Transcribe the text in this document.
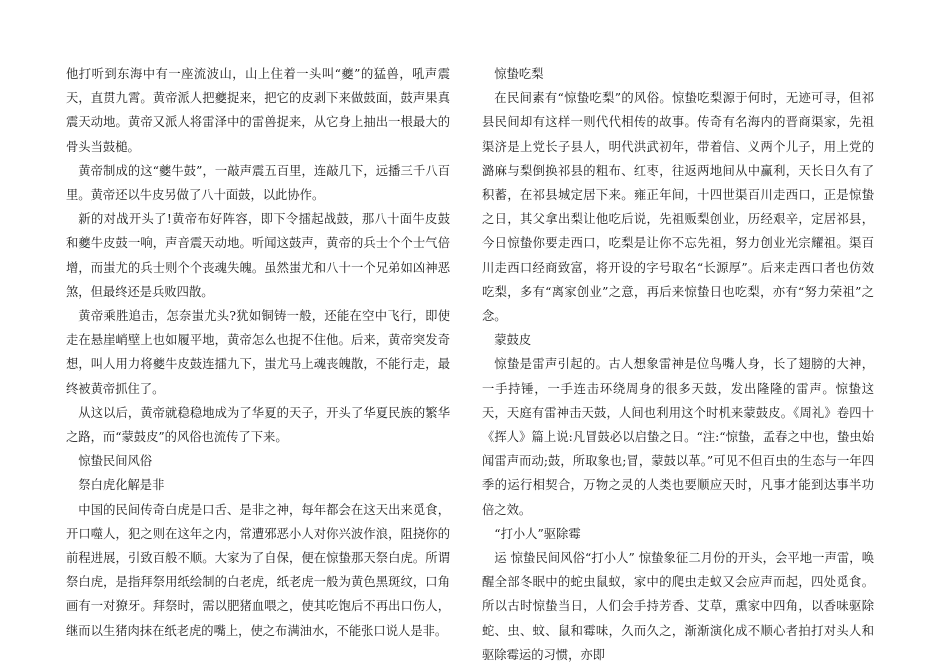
他打听到东海中有一座流波山，山上住着一头叫“夔”的猛兽，吼声震天，直贯九霄。黄帝派人把夔捉来，把它的皮剥下来做鼓面，鼓声果真震天动地。黄帝又派人将雷泽中的雷兽捉来，从它身上抽出一根最大的骨头当鼓槌。

黄帝制成的这“夔牛鼓”，一敲声震五百里，连敲几下，远播三千八百里。黄帝还以牛皮另做了八十面鼓，以此协作。

新的对战开头了!黄帝布好阵容，即下令擂起战鼓，那八十面牛皮鼓和夔牛皮鼓一响，声音震天动地。听闻这鼓声，黄帝的兵士个个士气倍增，而蚩尤的兵士则个个丧魂失魄。虽然蚩尤和八十一个兄弟如凶神恶煞，但最终还是兵败四散。

黄帝乘胜追击，怎奈蚩尤头?犹如铜铸一般，还能在空中飞行，即使走在悬崖峭壁上也如履平地，黄帝怎么也捉不住他。后来，黄帝突发奇想，叫人用力将夔牛皮鼓连擂九下，蚩尤马上魂丧魄散，不能行走，最终被黄帝抓住了。

从这以后，黄帝就稳稳地成为了华夏的天子，开头了华夏民族的繁华之路，而“蒙鼓皮”的风俗也流传了下来。

惊蛰民间风俗

祭白虎化解是非

中国的民间传奇白虎是口舌、是非之神，每年都会在这天出来觅食，开口噬人，犯之则在这年之内，常遭邪恶小人对你兴波作浪，阻挠你的前程进展，引致百般不顺。大家为了自保，便在惊蛰那天祭白虎。所谓祭白虎，是指拜祭用纸绘制的白老虎，纸老虎一般为黄色黑斑纹，口角画有一对獠牙。拜祭时，需以肥猪血喂之，使其吃饱后不再出口伤人，继而以生猪肉抹在纸老虎的嘴上，使之布满油水，不能张口说人是非。

惊蛰吃梨

在民间素有“惊蛰吃梨”的风俗。惊蛰吃梨源于何时，无迹可寻，但祁县民间却有这样一则代代相传的故事。传奇有名海内的晋商渠家，先祖渠济是上党长子县人，明代洪武初年，带着信、义两个儿子，用上党的潞麻与梨倒换祁县的粗布、红枣，往返两地间从中赢利，天长日久有了积蓄，在祁县城定居下来。雍正年间，十四世渠百川走西口，正是惊蛰之日，其父拿出梨让他吃后说，先祖贩梨创业，历经艰辛，定居祁县，今日惊蛰你要走西口，吃梨是让你不忘先祖，努力创业光宗耀祖。渠百川走西口经商致富，将开设的字号取名“长源厚”。后来走西口者也仿效吃梨，多有“离家创业”之意，再后来惊蛰日也吃梨，亦有“努力荣祖”之念。

蒙鼓皮

惊蛰是雷声引起的。古人想象雷神是位鸟嘴人身，长了翅膀的大神，一手持锤，一手连击环绕周身的很多天鼓，发出隆隆的雷声。惊蛰这天，天庭有雷神击天鼓，人间也利用这个时机来蒙鼓皮。《周礼》卷四十《挥人》篇上说:凡冒鼓必以启蛰之日。“注:“惊蛰，孟春之中也，蛰虫始闻雷声而动;鼓，所取象也;冒，蒙鼓以革。”可见不但百虫的生态与一年四季的运行相契合，万物之灵的人类也要顺应天时，凡事才能到达事半功倍之效。

“打小人”驱除霉

运 惊蛰民间风俗“打小人” 惊蛰象征二月份的开头，会平地一声雷，唤醒全部冬眠中的蛇虫鼠蚁，家中的爬虫走蚁又会应声而起，四处觅食。所以古时惊蛰当日，人们会手持芳香、艾草，熏家中四角，以香味驱除蛇、虫、蚊、鼠和霉味，久而久之，渐渐演化成不顺心者拍打对头人和驱除霉运的习惯，亦即
